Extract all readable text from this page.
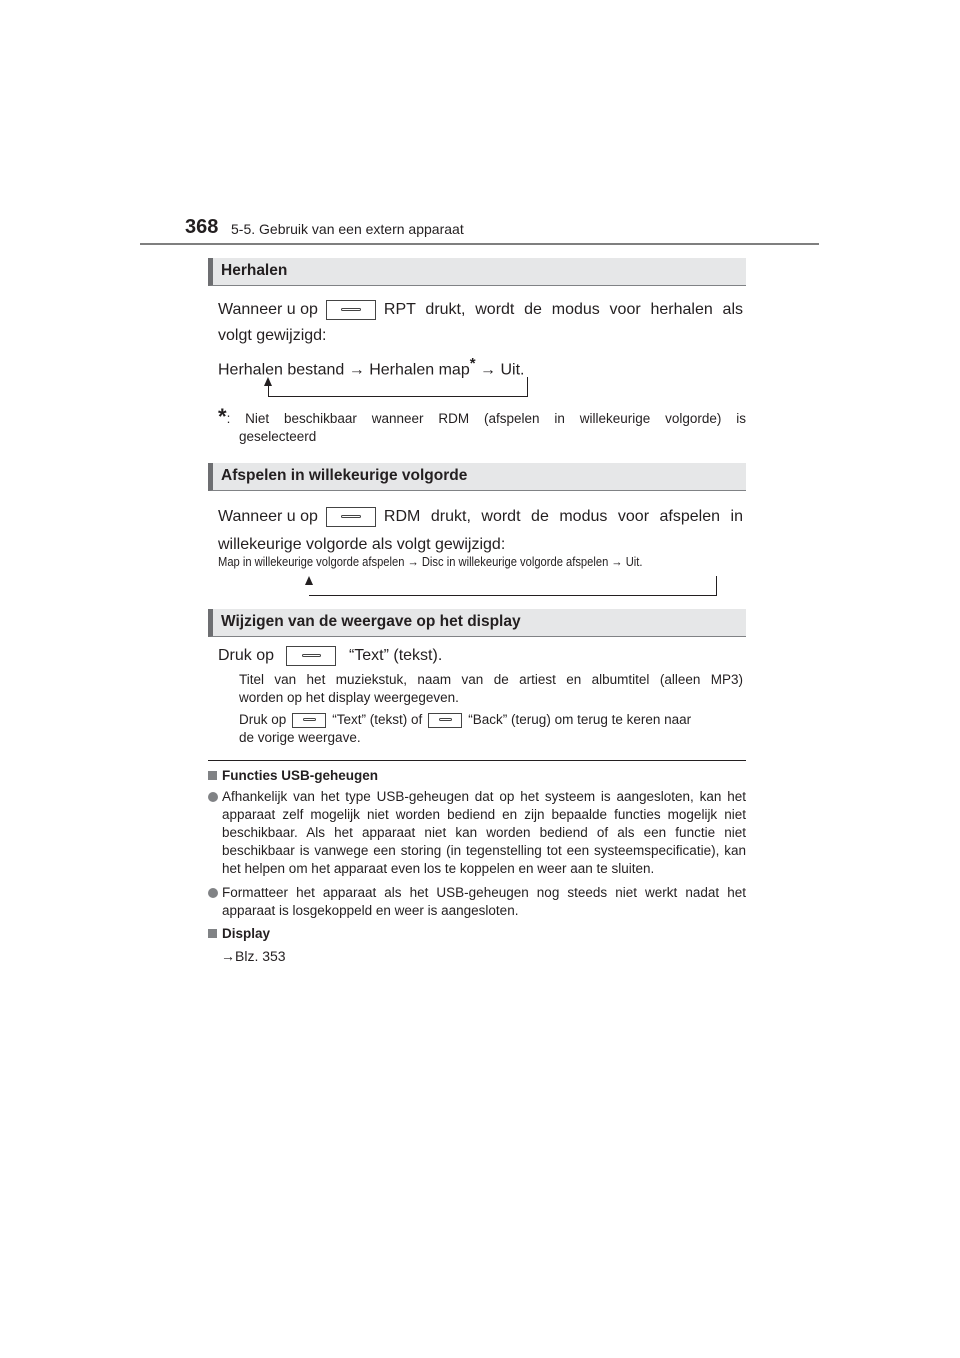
368 5-5. Gebruik van een extern apparaat
Herhalen
Wanneer u op	RPT drukt, wordt de modus voor herhalen als
volgt gewijzigd:
Herhalen bestand → Herhalen map* → Uit.
* : Niet beschikbaar wanneer RDM (afspelen in willekeurige volgorde) is
geselecteerd
Afspelen in willekeurige volgorde
Wanneer u op	RDM drukt, wordt de modus voor afspelen in
willekeurige volgorde als volgt gewijzigd:
Map in willekeurige volgorde afspelen → Disc in willekeurige volgorde afspelen → Uit.
Wijzigen van de weergave op het display
Druk op	“Text” (tekst).
Titel van het muziekstuk, naam van de artiest en albumtitel (alleen MP3)
worden op het display weergegeven.
Druk op	“Text” (tekst) of	“Back” (terug) om terug te keren naar
de vorige weergave.
Functies USB-geheugen
Afhankelijk van het type USB-geheugen dat op het systeem is aangesloten, kan het apparaat zelf mogelijk niet worden bediend en zijn bepaalde functies mogelijk niet beschikbaar. Als het apparaat niet kan worden bediend of als een functie niet beschikbaar is vanwege een storing (in tegenstelling tot een systeemspecificatie), kan het helpen om het apparaat even los te koppelen en weer aan te sluiten.
Formatteer het apparaat als het USB-geheugen nog steeds niet werkt nadat het apparaat is losgekoppeld en weer is aangesloten.
Display
→Blz. 353
